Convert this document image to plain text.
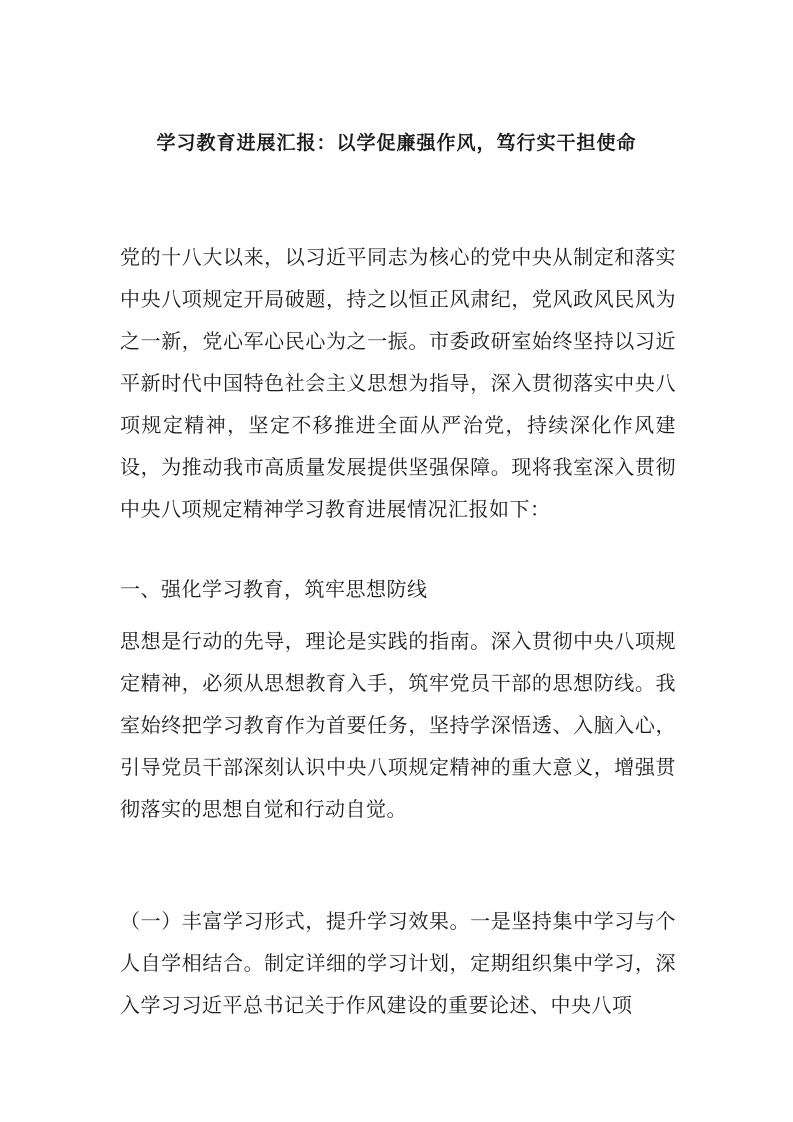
学习教育进展汇报：以学促廉强作风，笃行实干担使命

党的十八大以来，以习近平同志为核心的党中央从制定和落实中央八项规定开局破题，持之以恒正风肃纪，党风政风民风为之一新，党心军心民心为之一振。市委政研室始终坚持以习近平新时代中国特色社会主义思想为指导，深入贯彻落实中央八项规定精神，坚定不移推进全面从严治党，持续深化作风建设，为推动我市高质量发展提供坚强保障。现将我室深入贯彻中央八项规定精神学习教育进展情况汇报如下：

一、强化学习教育，筑牢思想防线

思想是行动的先导，理论是实践的指南。深入贯彻中央八项规定精神，必须从思想教育入手，筑牢党员干部的思想防线。我室始终把学习教育作为首要任务，坚持学深悟透、入脑入心，引导党员干部深刻认识中央八项规定精神的重大意义，增强贯彻落实的思想自觉和行动自觉。

（一）丰富学习形式，提升学习效果。一是坚持集中学习与个人自学相结合。制定详细的学习计划，定期组织集中学习，深入学习习近平总书记关于作风建设的重要论述、中央八项
